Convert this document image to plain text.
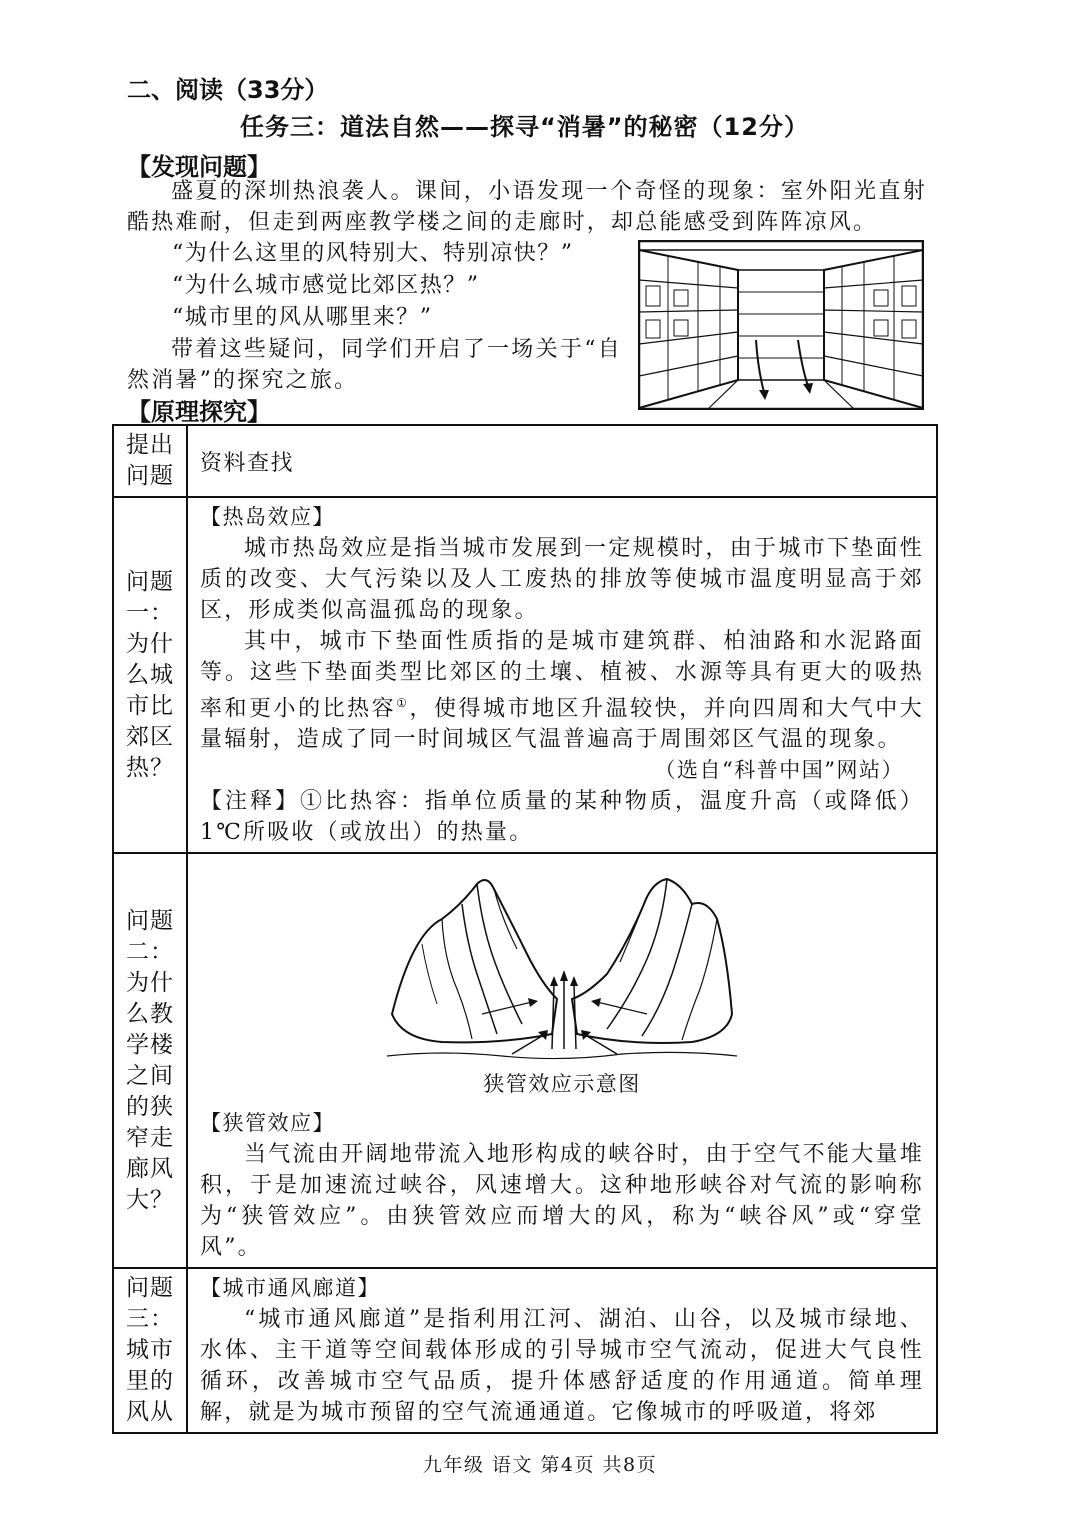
二、阅读（33分）
任务三：道法自然——探寻“消暑”的秘密（12分）
【发现问题】
盛夏的深圳热浪袭人。课间，小语发现一个奇怪的现象：室外阳光直射酷热难耐，但走到两座教学楼之间的走廊时，却总能感受到阵阵凉风。
“为什么这里的风特别大、特别凉快？”
“为什么城市感觉比郊区热？”
“城市里的风从哪里来？”
带着这些疑问，同学们开启了一场关于“自然消暑”的探究之旅。
【原理探究】
提出问题	资料查找
问题一：为什么城市比郊区热？	【热岛效应】
城市热岛效应是指当城市发展到一定规模时，由于城市下垫面性质的改变、大气污染以及人工废热的排放等使城市温度明显高于郊区，形成类似高温孤岛的现象。
其中，城市下垫面性质指的是城市建筑群、柏油路和水泥路面等。这些下垫面类型比郊区的土壤、植被、水源等具有更大的吸热率和更小的比热容①，使得城市地区升温较快，并向四周和大气中大量辐射，造成了同一时间城区气温普遍高于周围郊区气温的现象。
（选自“科普中国”网站）
【注释】①比热容：指单位质量的某种物质，温度升高（或降低）1℃所吸收（或放出）的热量。

问题二：为什么教学楼之间的狭窄走廊风大？	狭管效应示意图
【狭管效应】
当气流由开阔地带流入地形构成的峡谷时，由于空气不能大量堆积，于是加速流过峡谷，风速增大。这种地形峡谷对气流的影响称为“狭管效应”。由狭管效应而增大的风，称为“峡谷风”或“穿堂风”。

问题三：城市里的风从	【城市通风廊道】
“城市通风廊道”是指利用江河、湖泊、山谷，以及城市绿地、水体、主干道等空间载体形成的引导城市空气流动，促进大气良性循环，改善城市空气品质，提升体感舒适度的作用通道。简单理解，就是为城市预留的空气流通通道。它像城市的呼吸道，将郊
九年级 语文 第4页 共8页
